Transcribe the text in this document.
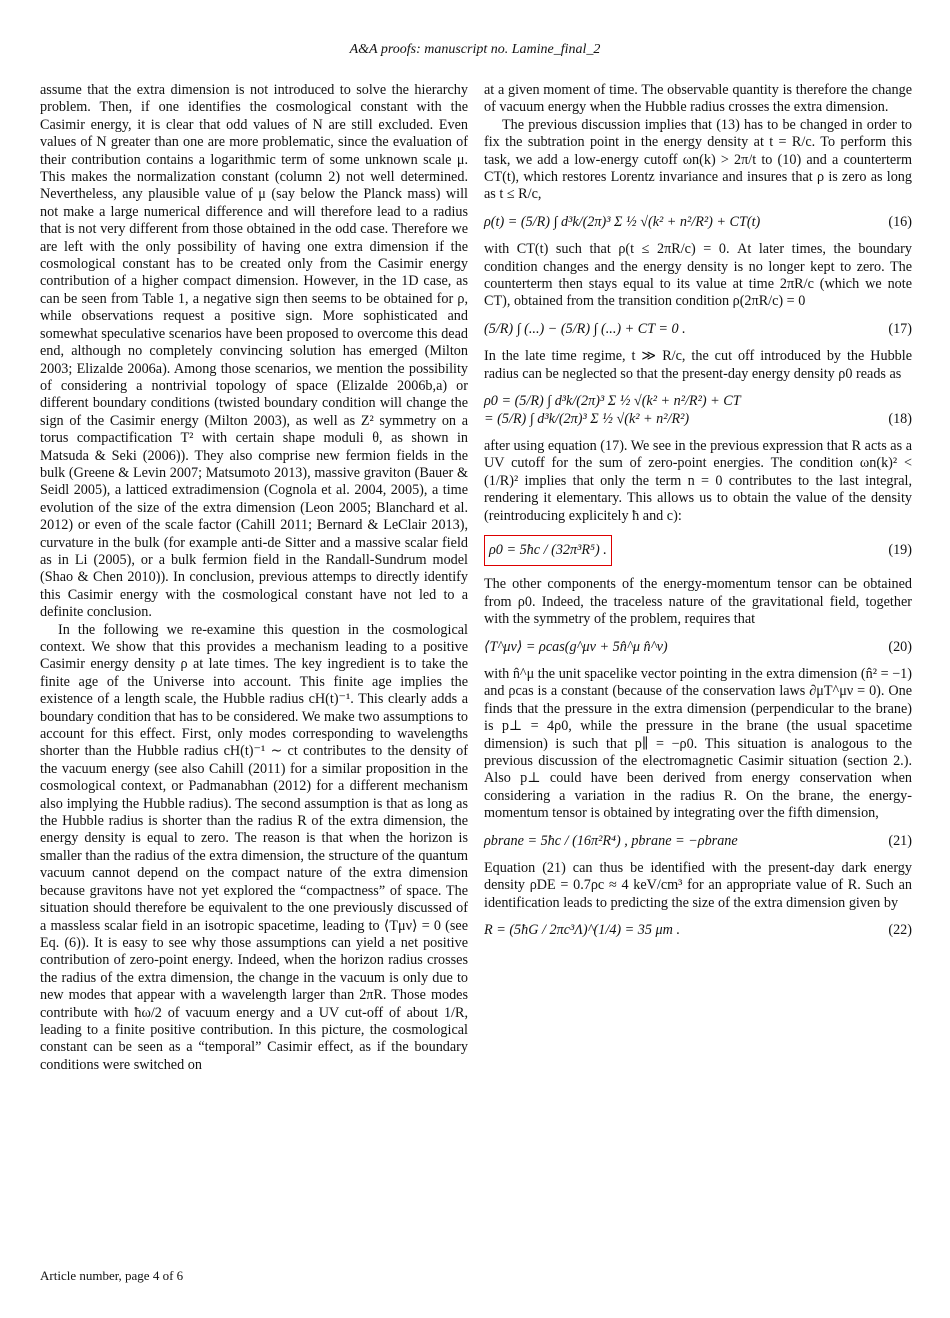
A&A proofs: manuscript no. Lamine_final_2

assume that the extra dimension is not introduced to solve the hierarchy problem. Then, if one identifies the cosmological constant with the Casimir energy, it is clear that odd values of N are still excluded. Even values of N greater than one are more problematic, since the evaluation of their contribution contains a logarithmic term of some unknown scale μ. This makes the normalization constant (column 2) not well determined. Nevertheless, any plausible value of μ (say below the Planck mass) will not make a large numerical difference and will therefore lead to a radius that is not very different from those obtained in the odd case. Therefore we are left with the only possibility of having one extra dimension if the cosmological constant has to be created only from the Casimir energy contribution of a higher compact dimension. However, in the 1D case, as can be seen from Table 1, a negative sign then seems to be obtained for ρ, while observations request a positive sign. More sophisticated and somewhat speculative scenarios have been proposed to overcome this dead end, although no completely convincing solution has emerged (Milton 2003; Elizalde 2006a). Among those scenarios, we mention the possibility of considering a nontrivial topology of space (Elizalde 2006b,a) or different boundary conditions (twisted boundary condition will change the sign of the Casimir energy (Milton 2003), as well as Z² symmetry on a torus compactification T² with certain shape moduli θ, as shown in Matsuda & Seki (2006)). They also comprise new fermion fields in the bulk (Greene & Levin 2007; Matsumoto 2013), massive graviton (Bauer & Seidl 2005), a latticed extradimension (Cognola et al. 2004, 2005), a time evolution of the size of the extra dimension (Leon 2005; Blanchard et al. 2012) or even of the scale factor (Cahill 2011; Bernard & LeClair 2013), curvature in the bulk (for example anti-de Sitter and a massive scalar field as in Li (2005), or a bulk fermion field in the Randall-Sundrum model (Shao & Chen 2010)). In conclusion, previous attemps to directly identify this Casimir energy with the cosmological constant have not led to a definite conclusion.

In the following we re-examine this question in the cosmological context. We show that this provides a mechanism leading to a positive Casimir energy density ρ at late times. The key ingredient is to take the finite age of the Universe into account. This finite age implies the existence of a length scale, the Hubble radius cH(t)⁻¹. This clearly adds a boundary condition that has to be considered. We make two assumptions to account for this effect. First, only modes corresponding to wavelengths shorter than the Hubble radius cH(t)⁻¹ ∼ ct contributes to the density of the vacuum energy (see also Cahill (2011) for a similar proposition in the cosmological context, or Padmanabhan (2012) for a different mechanism also implying the Hubble radius). The second assumption is that as long as the Hubble radius is shorter than the radius R of the extra dimension, the energy density is equal to zero. The reason is that when the horizon is smaller than the radius of the extra dimension, the structure of the quantum vacuum cannot depend on the compact nature of the extra dimension because gravitons have not yet explored the “compactness” of space. The situation should therefore be equivalent to the one previously discussed of a massless scalar field in an isotropic spacetime, leading to ⟨Tμν⟩ = 0 (see Eq. (6)). It is easy to see why those assumptions can yield a net positive contribution of zero-point energy. Indeed, when the horizon radius crosses the radius of the extra dimension, the change in the vacuum is only due to new modes that appear with a wavelength larger than 2πR. Those modes contribute with ħω/2 of vacuum energy and a UV cut-off of about 1/R, leading to a finite positive contribution. In this picture, the cosmological constant can be seen as a “temporal” Casimir effect, as if the boundary conditions were switched on

at a given moment of time. The observable quantity is therefore the change of vacuum energy when the Hubble radius crosses the extra dimension.

The previous discussion implies that (13) has to be changed in order to fix the subtration point in the energy density at t = R/c. To perform this task, we add a low-energy cutoff ωn(k) > 2π/t to (10) and a counterterm CT(t), which restores Lorentz invariance and insures that ρ is zero as long as t ≤ R/c,

ρ(t) = (5/R) ∫ d³k/(2π)³ Σ ½ √(k² + n²/R²) + CT(t)	(16)

with CT(t) such that ρ(t ≤ 2πR/c) = 0. At later times, the boundary condition changes and the energy density is no longer kept to zero. The counterterm then stays equal to its value at time 2πR/c (which we note CT), obtained from the transition condition ρ(2πR/c) = 0

(5/R) ∫ (...) − (5/R) ∫ (...) + CT = 0 .	(17)

In the late time regime, t ≫ R/c, the cut off introduced by the Hubble radius can be neglected so that the present-day energy density ρ0 reads as

ρ0 = (5/R) ∫ d³k/(2π)³ Σ ½ √(k² + n²/R²) + CT
= (5/R) ∫ d³k/(2π)³ Σ ½ √(k² + n²/R²)	(18)

after using equation (17). We see in the previous expression that R acts as a UV cutoff for the sum of zero-point energies. The condition ωn(k)² < (1/R)² implies that only the term n = 0 contributes to the last integral, rendering it elementary. This allows us to obtain the value of the density (reintroducing explicitely ħ and c):

ρ0 = 5ħc / (32π³R⁵) .	(19)

The other components of the energy-momentum tensor can be obtained from ρ0. Indeed, the traceless nature of the gravitational field, together with the symmetry of the problem, requires that

⟨T^μν⟩ = ρcas(g^μν + 5n̂^μ n̂^ν)	(20)

with n̂^μ the unit spacelike vector pointing in the extra dimension (n̂² = −1) and ρcas is a constant (because of the conservation laws ∂μT^μν = 0). One finds that the pressure in the extra dimension (perpendicular to the brane) is p⊥ = 4ρ0, while the pressure in the brane (the usual spacetime dimension) is such that p∥ = −ρ0. This situation is analogous to the previous discussion of the electromagnetic Casimir situation (section 2.). Also p⊥ could have been derived from energy conservation when considering a variation in the radius R. On the brane, the energy-momentum tensor is obtained by integrating over the fifth dimension,

ρbrane = 5ħc / (16π²R⁴) , pbrane = −ρbrane	(21)

Equation (21) can thus be identified with the present-day dark energy density ρDE = 0.7ρc ≈ 4 keV/cm³ for an appropriate value of R. Such an identification leads to predicting the size of the extra dimension given by

R = (5ħG / 2πc³Λ)^(1/4) = 35 μm .	(22)
Article number, page 4 of 6
